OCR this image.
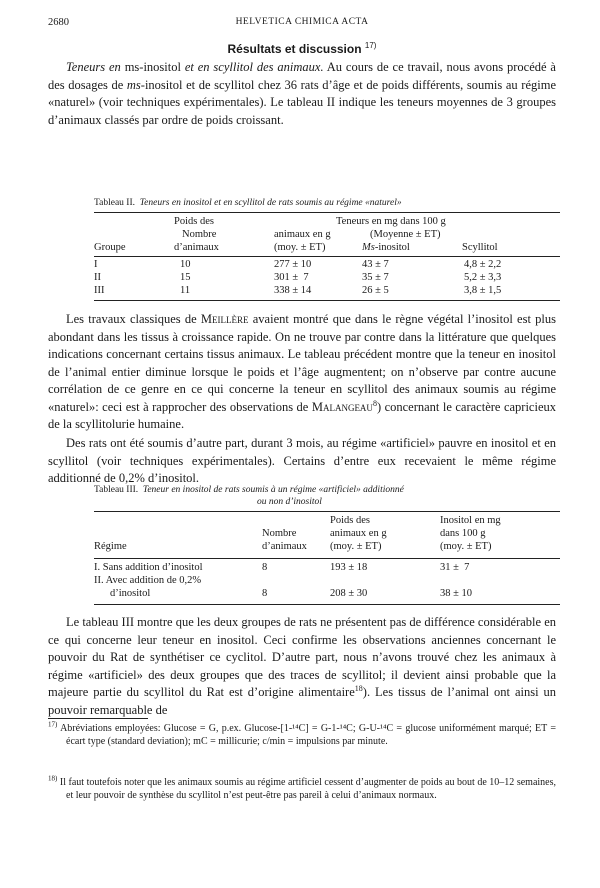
2680	HELVETICA CHIMICA ACTA
Résultats et discussion $^{17)}$

Teneurs en ms-inositol et en scyllitol des animaux. Au cours de ce travail, nous avons procédé à des dosages de ms-inositol et de scyllitol chez 36 rats d’âge et de poids différents, soumis au régime «naturel» (voir techniques expérimentales). Le tableau II indique les teneurs moyennes de 3 groupes d’animaux classés par ordre de poids croissant.

Tableau II. Teneurs en inositol et en scyllitol de rats soumis au régime «naturel»
Poids des	Teneurs en mg dans 100 g
animaux en g
Nombre	(Moyenne ± ET)
Groupe	d’animaux	(moy. ± ET)	Ms-inositol	Scyllitol
I	10	277 ± 10	43 ± 7	4,8 ± 2,2
II	15	301 ±  7	35 ± 7	5,2 ± 3,3
III	11	338 ± 14	26 ± 5	3,8 ± 1,5

Les travaux classiques de Meillère avaient montré que dans le règne végétal l’inositol est plus abondant dans les tissus à croissance rapide. On ne trouve par contre dans la littérature que quelques indications concernant certains tissus animaux. Le tableau précédent montre que la teneur en inositol de l’animal entier diminue lorsque le poids et l’âge augmentent; on n’observe par contre aucune corrélation de ce genre en ce qui concerne la teneur en scyllitol des animaux soumis au régime «naturel»: ceci est à rapprocher des observations de Malangeau$^8$) concernant le caractère capricieux de la scyllitolurie humaine.

Des rats ont été soumis d’autre part, durant 3 mois, au régime «artificiel» pauvre en inositol et en scyllitol (voir techniques expérimentales). Certains d’entre eux recevaient le même régime additionné de 0,2% d’inositol.

Tableau III. Teneur en inositol de rats soumis à un régime «artificiel» additionné
ou non d’inositol
Poids des	Inositol en mg
Nombre	animaux en g	dans 100 g
Régime	d’animaux (moy. ± ET)	(moy. ± ET)
I. Sans addition d’inositol	8	193 ± 18	31 ±  7
II. Avec addition de 0,2%
d’inositol	8	208 ± 30	38 ± 10

Le tableau III montre que les deux groupes de rats ne présentent pas de différence considérable en ce qui concerne leur teneur en inositol. Ceci confirme les observations anciennes concernant le pouvoir du Rat de synthétiser ce cyclitol. D’autre part, nous n’avons trouvé chez les animaux à régime «artificiel» des deux groupes que des traces de scyllitol; il devient ainsi probable que la majeure partie du scyllitol du Rat est d’origine alimentaire$^{18}$). Les tissus de l’animal ont ainsi un pouvoir remarquable de

$^{17)}$ Abréviations employées: Glucose = G, p.ex. Glucose-[1-¹⁴C] = G-1-¹⁴C; G-U-¹⁴C = glucose uniformément marqué; ET = écart type (standard deviation); mC = millicurie; c/min = impulsions par minute.

$^{18)}$ Il faut toutefois noter que les animaux soumis au régime artificiel cessent d’augmenter de poids au bout de 10–12 semaines, et leur pouvoir de synthèse du scyllitol n’est peut-être pas pareil à celui d’animaux normaux.
